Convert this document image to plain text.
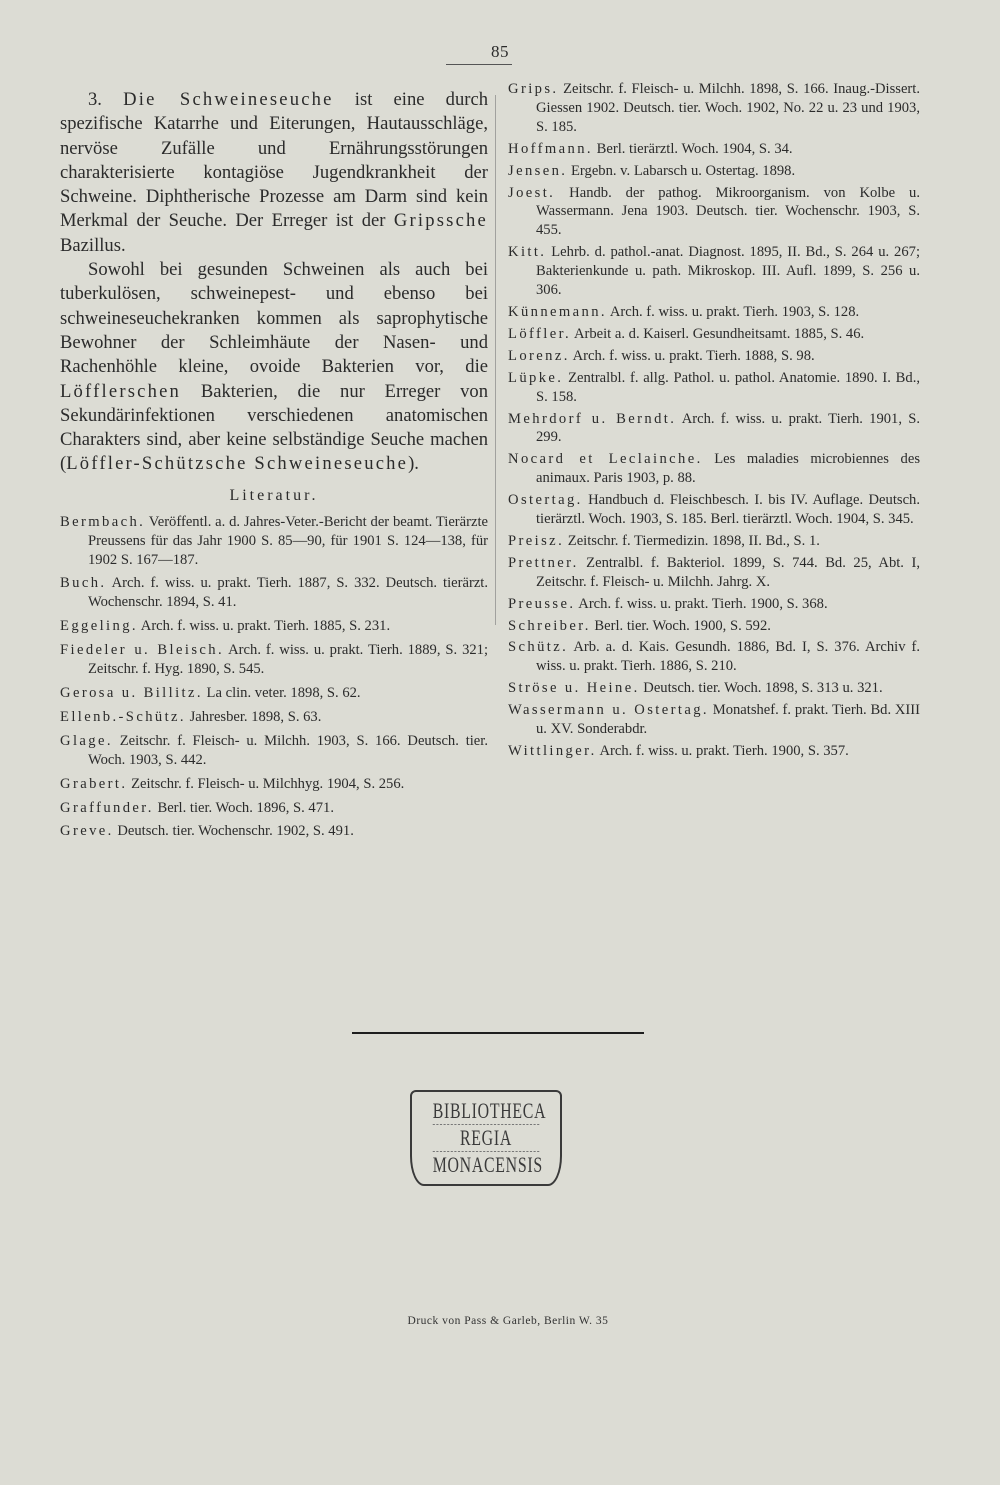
85

3. Die Schweineseuche ist eine durch spezifische Katarrhe und Eiterungen, Hautausschläge, nervöse Zufälle und Ernährungsstörungen charakterisierte kontagiöse Jugendkrankheit der Schweine. Diphtherische Prozesse am Darm sind kein Merkmal der Seuche. Der Erreger ist der Gripssche Bazillus.

Sowohl bei gesunden Schweinen als auch bei tuberkulösen, schweinepest- und ebenso bei schweineseuchekranken kommen als saprophytische Bewohner der Schleimhäute der Nasen- und Rachenhöhle kleine, ovoide Bakterien vor, die Löfflerschen Bakterien, die nur Erreger von Sekundärinfektionen verschiedenen anatomischen Charakters sind, aber keine selbständige Seuche machen (Löffler-Schützsche Schweineseuche).

Literatur.
Bermbach. Veröffentl. a. d. Jahres-Veter.-Bericht der beamt. Tierärzte Preussens für das Jahr 1900 S. 85—90, für 1901 S. 124—138, für 1902 S. 167—187.
Buch. Arch. f. wiss. u. prakt. Tierh. 1887, S. 332. Deutsch. tierärzt. Wochenschr. 1894, S. 41.
Eggeling. Arch. f. wiss. u. prakt. Tierh. 1885, S. 231.
Fiedeler u. Bleisch. Arch. f. wiss. u. prakt. Tierh. 1889, S. 321; Zeitschr. f. Hyg. 1890, S. 545.
Gerosa u. Billitz. La clin. veter. 1898, S. 62.
Ellenb.-Schütz. Jahresber. 1898, S. 63.
Glage. Zeitschr. f. Fleisch- u. Milchh. 1903, S. 166. Deutsch. tier. Woch. 1903, S. 442.
Grabert. Zeitschr. f. Fleisch- u. Milchhyg. 1904, S. 256.
Graffunder. Berl. tier. Woch. 1896, S. 471.
Greve. Deutsch. tier. Wochenschr. 1902, S. 491.
Grips. Zeitschr. f. Fleisch- u. Milchh. 1898, S. 166. Inaug.-Dissert. Giessen 1902. Deutsch. tier. Woch. 1902, No. 22 u. 23 und 1903, S. 185.
Hoffmann. Berl. tierärztl. Woch. 1904, S. 34.
Jensen. Ergebn. v. Labarsch u. Ostertag. 1898.
Joest. Handb. der pathog. Mikroorganism. von Kolbe u. Wassermann. Jena 1903. Deutsch. tier. Wochenschr. 1903, S. 455.
Kitt. Lehrb. d. pathol.-anat. Diagnost. 1895, II. Bd., S. 264 u. 267; Bakterienkunde u. path. Mikroskop. III. Aufl. 1899, S. 256 u. 306.
Künnemann. Arch. f. wiss. u. prakt. Tierh. 1903, S. 128.
Löffler. Arbeit a. d. Kaiserl. Gesundheitsamt. 1885, S. 46.
Lorenz. Arch. f. wiss. u. prakt. Tierh. 1888, S. 98.
Lüpke. Zentralbl. f. allg. Pathol. u. pathol. Anatomie. 1890. I. Bd., S. 158.
Mehrdorf u. Berndt. Arch. f. wiss. u. prakt. Tierh. 1901, S. 299.
Nocard et Leclainche. Les maladies microbiennes des animaux. Paris 1903, p. 88.
Ostertag. Handbuch d. Fleischbesch. I. bis IV. Auflage. Deutsch. tierärztl. Woch. 1903, S. 185. Berl. tierärztl. Woch. 1904, S. 345.
Preisz. Zeitschr. f. Tiermedizin. 1898, II. Bd., S. 1.
Prettner. Zentralbl. f. Bakteriol. 1899, S. 744. Bd. 25, Abt. I, Zeitschr. f. Fleisch- u. Milchh. Jahrg. X.
Preusse. Arch. f. wiss. u. prakt. Tierh. 1900, S. 368.
Schreiber. Berl. tier. Woch. 1900, S. 592.
Schütz. Arb. a. d. Kais. Gesundh. 1886, Bd. I, S. 376. Archiv f. wiss. u. prakt. Tierh. 1886, S. 210.
Ströse u. Heine. Deutsch. tier. Woch. 1898, S. 313 u. 321.
Wassermann u. Ostertag. Monatshef. f. prakt. Tierh. Bd. XIII u. XV. Sonderabdr.
Wittlinger. Arch. f. wiss. u. prakt. Tierh. 1900, S. 357.
BIBLIOTHECA
REGIA
MONACENSIS
Druck von Pass & Garleb, Berlin W. 35
